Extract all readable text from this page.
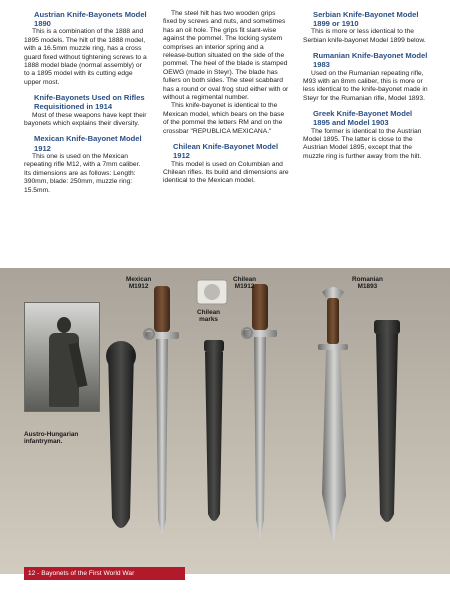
Austrian Knife-Bayonets Model 1890

This is a combination of the 1888 and 1895 models. The hilt of the 1888 model, with a 16.5mm muzzle ring, has a cross guard fixed without tightening screws to a 1888 model blade (normal assembly) or to a 1895 model with its cutting edge upper most.

Knife-Bayonets Used on Rifles Requisitioned in 1914

Most of these weapons have kept their bayonets which explains their diversity.

Mexican Knife-Bayonet Model 1912

This one is used on the Mexican repeating rifle M12, with a 7mm caliber. Its dimensions are as follows: Length: 390mm, blade: 250mm, muzzle ring: 15.5mm.

The steel hilt has two wooden grips fixed by screws and nuts, and sometimes has an oil hole. The grips fit slant-wise against the pommel. The locking system comprises an interior spring and a release-button situated on the side of the pommel. The heel of the blade is stamped OEWG (made in Steyr). The blade has fullers on both sides. The steel scabbard has a round or oval frog stud either with or without a regimental number.

This knife-bayonet is identical to the Mexican model, which bears on the base of the pommel the letters RM and on the crossbar "REPUBLICA MEXICANA."

Chilean Knife-Bayonet Model 1912

This model is used on Columbian and Chilean rifles. Its build and dimensions are identical to the Mexican model.

Serbian Knife-Bayonet Model 1899 or 1910

This is more or less identical to the Serbian knife-bayonet Model 1899 below.

Rumanian Knife-Bayonet Model 1983

Used on the Rumanian repeating rifle, M93 with an 8mm caliber, this is more or less identical to the knife-bayonet made in Steyr for the Rumanian rifle, Model 1893.

Greek Knife-Bayonet Model 1895 and Model 1903

The former is identical to the Austrian Model 1895. The latter is close to the Austrian Model 1895, except that the muzzle ring is further away from the hilt.

Mexican
M1912
Chilean
marks
Chilean
M1912
Romanian
M1893
Austro-Hungarian
infantryman.
12 - Bayonets of the First World War
